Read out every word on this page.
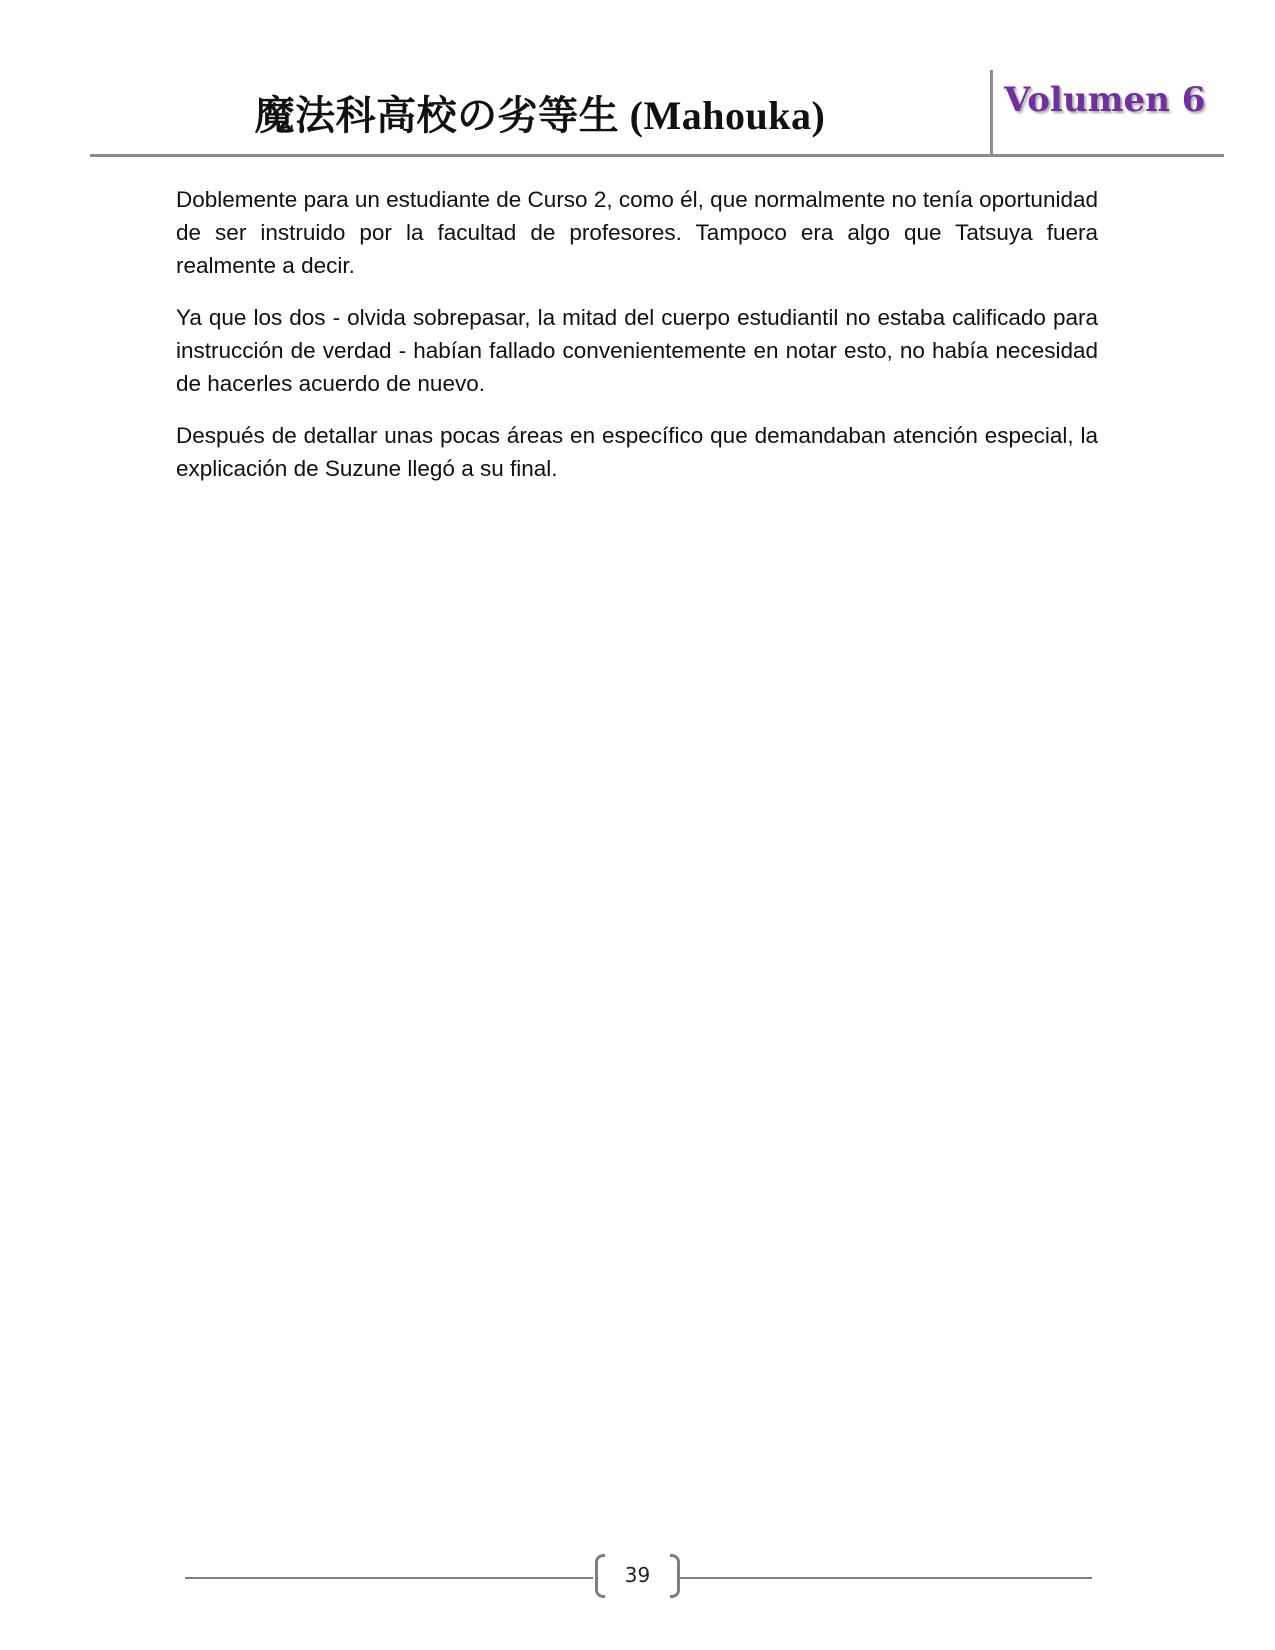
魔法科高校の劣等生 (Mahouka)	Volumen 6

Doblemente para un estudiante de Curso 2, como él, que normalmente no tenía oportunidad de ser instruido por la facultad de profesores. Tampoco era algo que Tatsuya fuera realmente a decir.

Ya que los dos - olvida sobrepasar, la mitad del cuerpo estudiantil no estaba calificado para instrucción de verdad - habían fallado convenientemente en notar esto, no había necesidad de hacerles acuerdo de nuevo.

Después de detallar unas pocas áreas en específico que demandaban atención especial, la explicación de Suzune llegó a su final.

39
